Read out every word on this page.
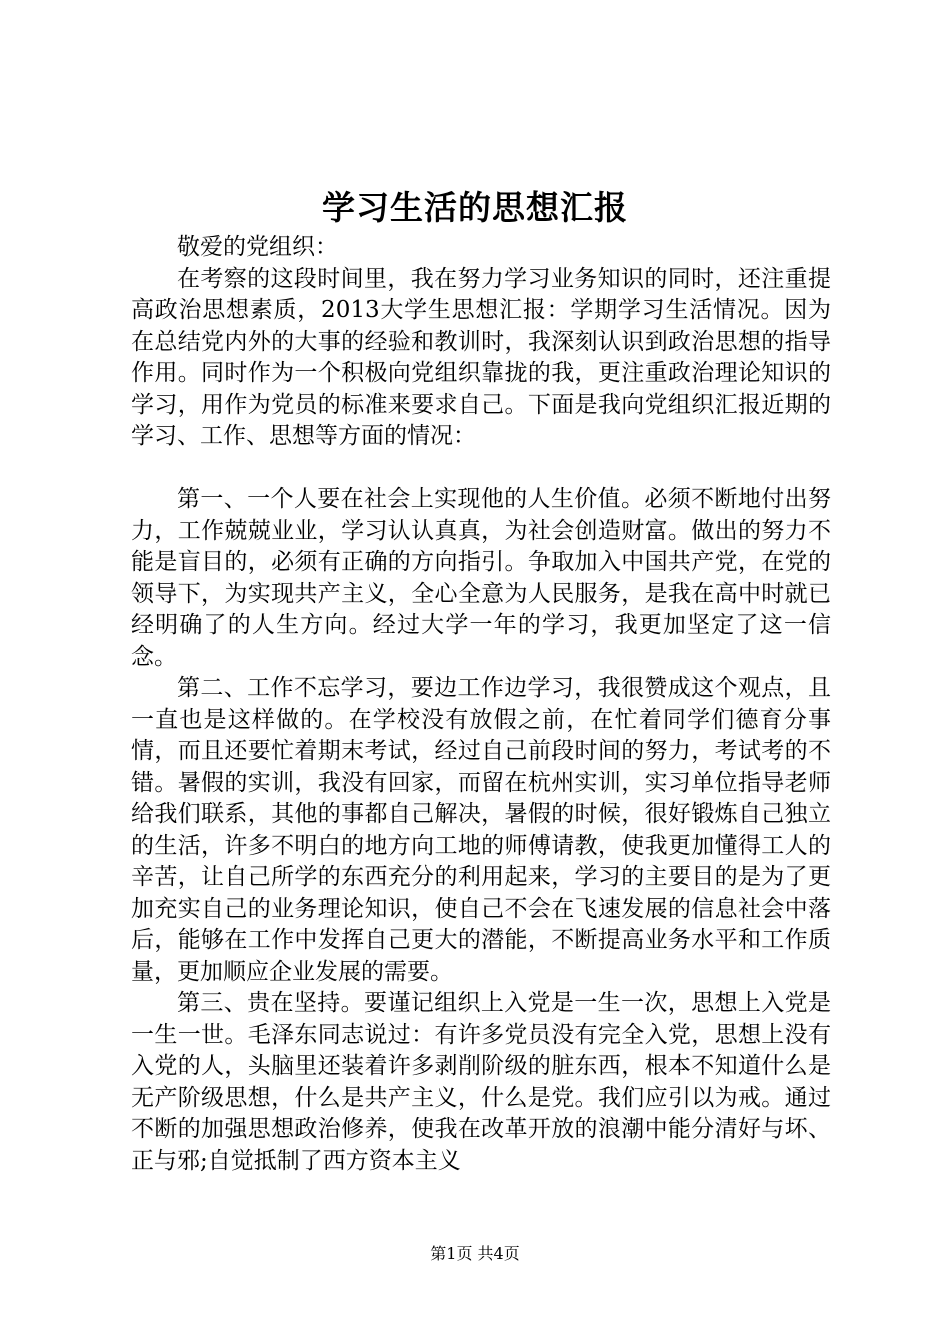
学习生活的思想汇报

敬爱的党组织：

在考察的这段时间里，我在努力学习业务知识的同时，还注重提高政治思想素质，2013大学生思想汇报：学期学习生活情况。因为在总结党内外的大事的经验和教训时，我深刻认识到政治思想的指导作用。同时作为一个积极向党组织靠拢的我，更注重政治理论知识的学习，用作为党员的标准来要求自己。下面是我向党组织汇报近期的学习、工作、思想等方面的情况：

第一、一个人要在社会上实现他的人生价值。必须不断地付出努力，工作兢兢业业，学习认认真真，为社会创造财富。做出的努力不能是盲目的，必须有正确的方向指引。争取加入中国共产党，在党的领导下，为实现共产主义，全心全意为人民服务，是我在高中时就已经明确了的人生方向。经过大学一年的学习，我更加坚定了这一信念。

第二、工作不忘学习，要边工作边学习，我很赞成这个观点，且一直也是这样做的。在学校没有放假之前，在忙着同学们德育分事情，而且还要忙着期末考试，经过自己前段时间的努力，考试考的不错。暑假的实训，我没有回家，而留在杭州实训，实习单位指导老师给我们联系，其他的事都自己解决，暑假的时候，很好锻炼自己独立的生活，许多不明白的地方向工地的师傅请教，使我更加懂得工人的辛苦，让自己所学的东西充分的利用起来，学习的主要目的是为了更加充实自己的业务理论知识，使自己不会在飞速发展的信息社会中落后，能够在工作中发挥自己更大的潜能，不断提高业务水平和工作质量，更加顺应企业发展的需要。

第三、贵在坚持。要谨记组织上入党是一生一次，思想上入党是一生一世。毛泽东同志说过：有许多党员没有完全入党，思想上没有入党的人，头脑里还装着许多剥削阶级的脏东西，根本不知道什么是无产阶级思想，什么是共产主义，什么是党。我们应引以为戒。通过不断的加强思想政治修养，使我在改革开放的浪潮中能分清好与坏、正与邪;自觉抵制了西方资本主义

第1页 共4页
